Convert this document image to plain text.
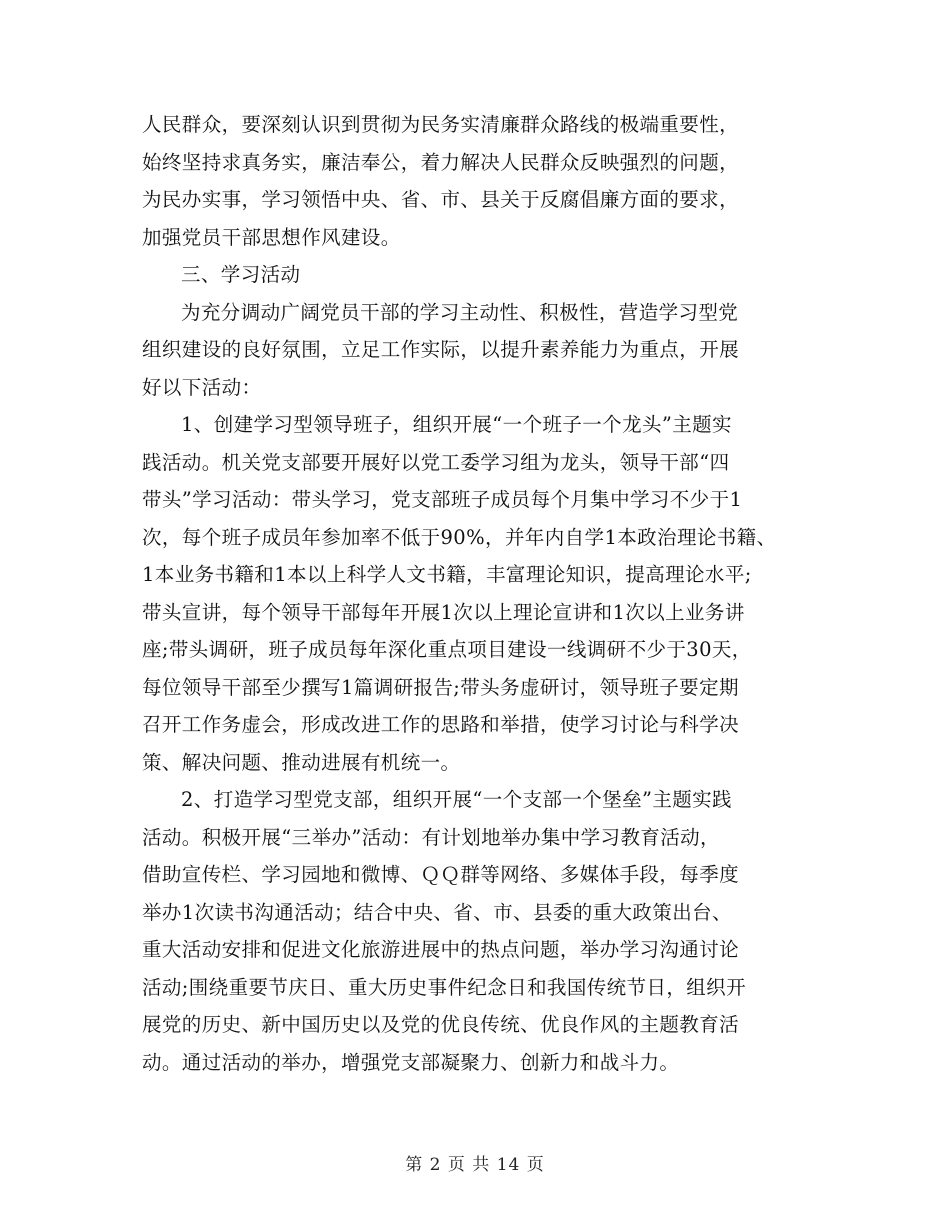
人民群众，要深刻认识到贯彻为民务实清廉群众路线的极端重要性，
始终坚持求真务实，廉洁奉公，着力解决人民群众反映强烈的问题，
为民办实事，学习领悟中央、省、市、县关于反腐倡廉方面的要求，
加强党员干部思想作风建设。
三、学习活动
为充分调动广阔党员干部的学习主动性、积极性，营造学习型党
组织建设的良好氛围，立足工作实际，以提升素养能力为重点，开展
好以下活动：
1、创建学习型领导班子，组织开展“一个班子一个龙头”主题实
践活动。机关党支部要开展好以党工委学习组为龙头，领导干部“四
带头”学习活动：带头学习，党支部班子成员每个月集中学习不少于1
次，每个班子成员年参加率不低于90%，并年内自学1本政治理论书籍、
1本业务书籍和1本以上科学人文书籍，丰富理论知识，提高理论水平;
带头宣讲，每个领导干部每年开展1次以上理论宣讲和1次以上业务讲
座;带头调研，班子成员每年深化重点项目建设一线调研不少于30天，
每位领导干部至少撰写1篇调研报告;带头务虚研讨，领导班子要定期
召开工作务虚会，形成改进工作的思路和举措，使学习讨论与科学决
策、解决问题、推动进展有机统一。
2、打造学习型党支部，组织开展“一个支部一个堡垒”主题实践
活动。积极开展“三举办”活动：有计划地举办集中学习教育活动，
借助宣传栏、学习园地和微博、ＱＱ群等网络、多媒体手段，每季度
举办1次读书沟通活动；结合中央、省、市、县委的重大政策出台、
重大活动安排和促进文化旅游进展中的热点问题，举办学习沟通讨论
活动;围绕重要节庆日、重大历史事件纪念日和我国传统节日，组织开
展党的历史、新中国历史以及党的优良传统、优良作风的主题教育活
动。通过活动的举办，增强党支部凝聚力、创新力和战斗力。
第 2 页 共 14 页
